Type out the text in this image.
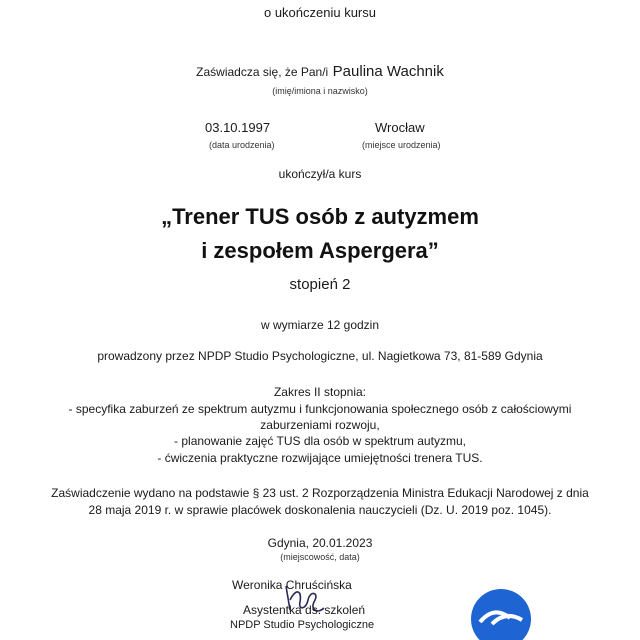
o ukończeniu kursu
Zaświadcza się, że Pan/i Paulina Wachnik
(imię/imiona i nazwisko)
03.10.1997
(data urodzenia)
Wrocław
(miejsce urodzenia)
ukończył/a kurs
„Trener TUS osób z autyzmem
i zespołem Aspergera”
stopień 2
w wymiarze 12 godzin
prowadzony przez NPDP Studio Psychologiczne, ul. Nagietkowa 73, 81-589 Gdynia
Zakres II stopnia:
- specyfika zaburzeń ze spektrum autyzmu i funkcjonowania społecznego osób z całościowymi
zaburzeniami rozwoju,
- planowanie zajęć TUS dla osób w spektrum autyzmu,
- ćwiczenia praktyczne rozwijające umiejętności trenera TUS.
Zaświadczenie wydano na podstawie § 23 ust. 2 Rozporządzenia Ministra Edukacji Narodowej z dnia
28 maja 2019 r. w sprawie placówek doskonalenia nauczycieli (Dz. U. 2019 poz. 1045).
Gdynia, 20.01.2023
(miejscowość, data)
Weronika Chruścińska
Asystentka ds. szkoleń
NPDP Studio Psychologiczne
